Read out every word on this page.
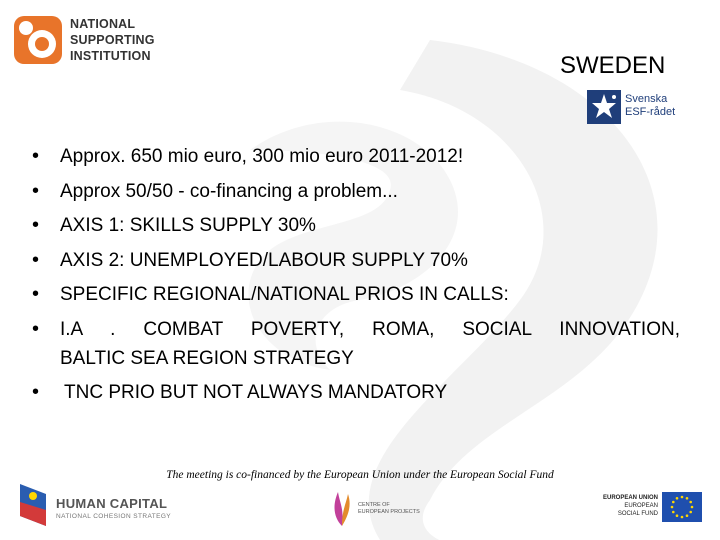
NATIONAL
SUPPORTING
INSTITUTION	SWEDEN
Svenska
ESF-rådet
• Approx. 650 mio euro, 300 mio euro 2011-2012!
• Approx 50/50 - co-financing a problem...
• AXIS 1: SKILLS SUPPLY 30%
• AXIS 2: UNEMPLOYED/LABOUR SUPPLY 70%
• SPECIFIC REGIONAL/NATIONAL PRIOS IN CALLS:
• I.A . COMBAT POVERTY, ROMA, SOCIAL INNOVATION,
BALTIC SEA REGION STRATEGY
• TNC PRIO BUT NOT ALWAYS MANDATORY
The meeting is co-financed by the European Union under the European Social Fund
HUMAN CAPITAL
NATIONAL COHESION STRATEGY
CENTRE OF
EUROPEAN PROJECTS
EUROPEAN UNION
EUROPEAN
SOCIAL FUND
